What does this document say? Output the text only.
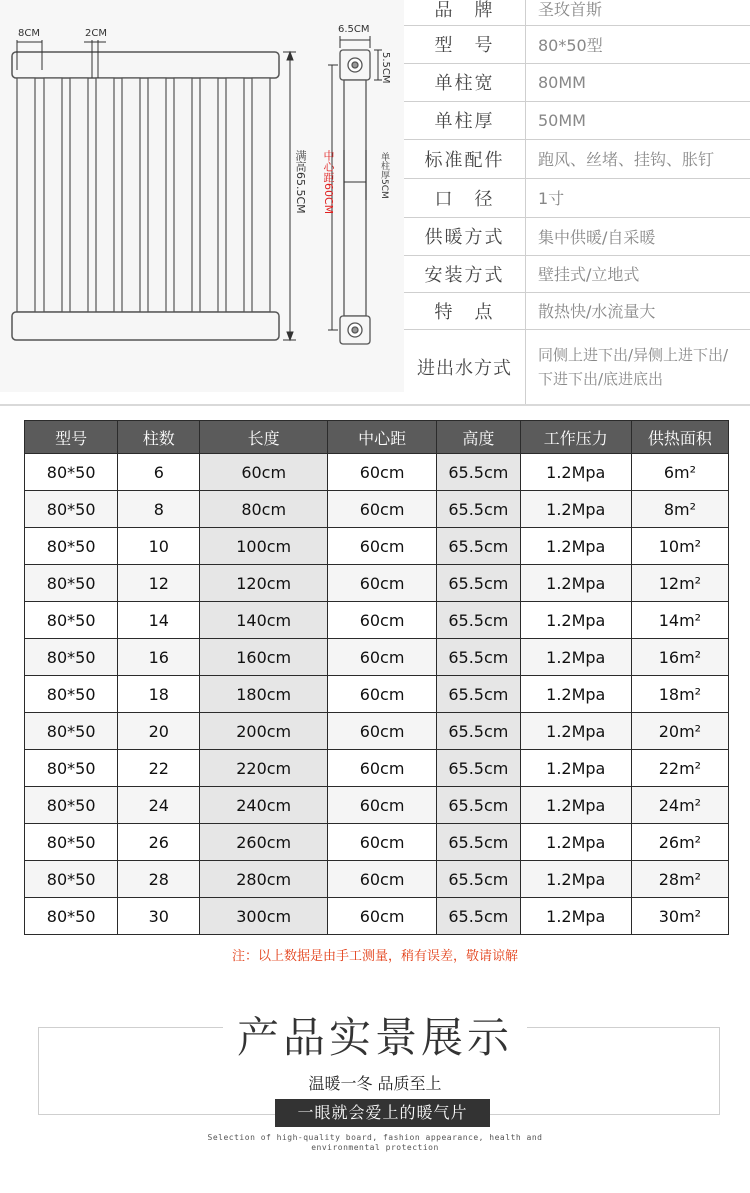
8CM	2CM	6.5CM
5.5CM
满高65.5CM 中心距60CM	单柱厚5CM
品　牌	圣玫首斯
型　号	80*50型
单柱宽	80MM
单柱厚	50MM
标准配件	跑风、丝堵、挂钩、胀钉
口　径	1寸
供暖方式	集中供暖/自采暖
安装方式	壁挂式/立地式
特　点	散热快/水流量大
进出水方式
同侧上进下出/异侧上进下出/
下进下出/底进底出
型号	柱数	长度	中心距	高度	工作压力	供热面积
80*50	6	60cm	60cm	65.5cm	1.2Mpa	6m²
80*50	8	80cm	60cm	65.5cm	1.2Mpa	8m²
80*50	10	100cm	60cm	65.5cm	1.2Mpa	10m²
80*50	12	120cm	60cm	65.5cm	1.2Mpa	12m²
80*50	14	140cm	60cm	65.5cm	1.2Mpa	14m²
80*50	16	160cm	60cm	65.5cm	1.2Mpa	16m²
80*50	18	180cm	60cm	65.5cm	1.2Mpa	18m²
80*50	20	200cm	60cm	65.5cm	1.2Mpa	20m²
80*50	22	220cm	60cm	65.5cm	1.2Mpa	22m²
80*50	24	240cm	60cm	65.5cm	1.2Mpa	24m²
80*50	26	260cm	60cm	65.5cm	1.2Mpa	26m²
80*50	28	280cm	60cm	65.5cm	1.2Mpa	28m²
80*50	30	300cm	60cm	65.5cm	1.2Mpa	30m²
注：以上数据是由手工测量，稍有误差，敬请谅解
产品实景展示
温暖一冬 品质至上
一眼就会爱上的暖气片
Selection of high-quality board, fashion appearance, health and
environmental protection
